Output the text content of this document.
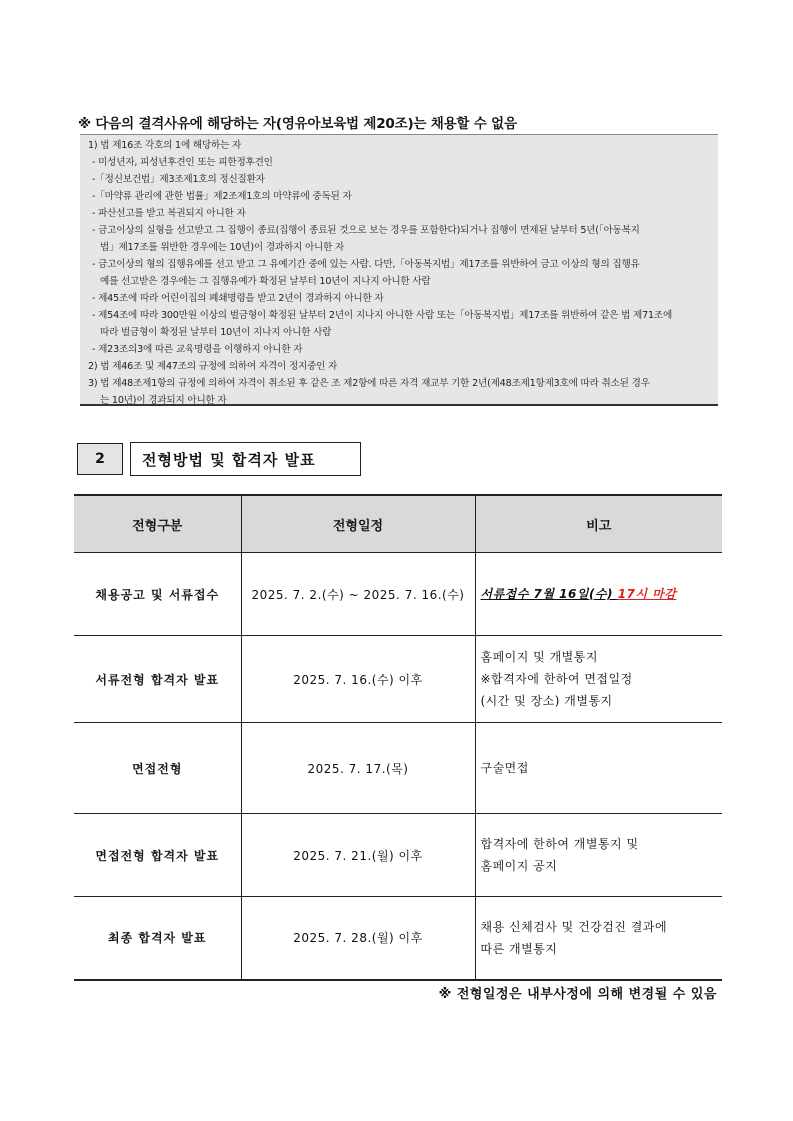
※ 다음의 결격사유에 해당하는 자(영유아보육법 제20조)는 채용할 수 없음
1) 법 제16조 각호의 1에 해당하는 자
- 미성년자, 피성년후견인 또는 피한정후견인
-「정신보건법」제3조제1호의 정신질환자
-「마약류 관리에 관한 법률」제2조제1호의 마약류에 중독된 자
- 파산선고를 받고 복권되지 아니한 자
- 금고이상의 실형을 선고받고 그 집행이 종료(집행이 종료된 것으로 보는 경우를 포함한다)되거나 집행이 면제된 날부터 5년(「아동복지
법」제17조를 위반한 경우에는 10년)이 경과하지 아니한 자
- 금고이상의 형의 집행유예를 선고 받고 그 유예기간 중에 있는 사람. 다만,「아동복지법」제17조를 위반하여 금고 이상의 형의 집행유
예를 선고받은 경우에는 그 집행유예가 확정된 날부터 10년이 지나지 아니한 사람
- 제45조에 따라 어린이집의 폐쇄명령을 받고 2년이 경과하지 아니한 자
- 제54조에 따라 300만원 이상의 벌금형이 확정된 날부터 2년이 지나지 아니한 사람 또는「아동복지법」제17조를 위반하여 같은 법 제71조에
따라 벌금형이 확정된 날부터 10년이 지나지 아니한 사람
- 제23조의3에 따른 교육명령을 이행하지 아니한 자
2) 법 제46조 및 제47조의 규정에 의하여 자격이 정지중인 자
3) 법 제48조제1항의 규정에 의하여 자격이 취소된 후 같은 조 제2항에 따른 자격 재교부 기한 2년(제48조제1항제3호에 따라 취소된 경우
는 10년)이 경과되지 아니한 자
2	전형방법 및 합격자 발표
전형구분	전형일정	비고
채용공고 및 서류접수	2025. 7. 2.(수) ~ 2025. 7. 16.(수)	서류접수 7월 16일(수) 17시 마감
서류전형 합격자 발표	2025. 7. 16.(수) 이후	홈페이지 및 개별통지
※합격자에 한하여 면접일정
(시간 및 장소) 개별통지

면접전형	2025. 7. 17.(목)	구술면접
면접전형 합격자 발표	2025. 7. 21.(월) 이후	합격자에 한하여 개별통지 및
홈페이지 공지

최종 합격자 발표	2025. 7. 28.(월) 이후	채용 신체검사 및 건강검진 결과에
따른 개별통지
※ 전형일정은 내부사정에 의해 변경될 수 있음
